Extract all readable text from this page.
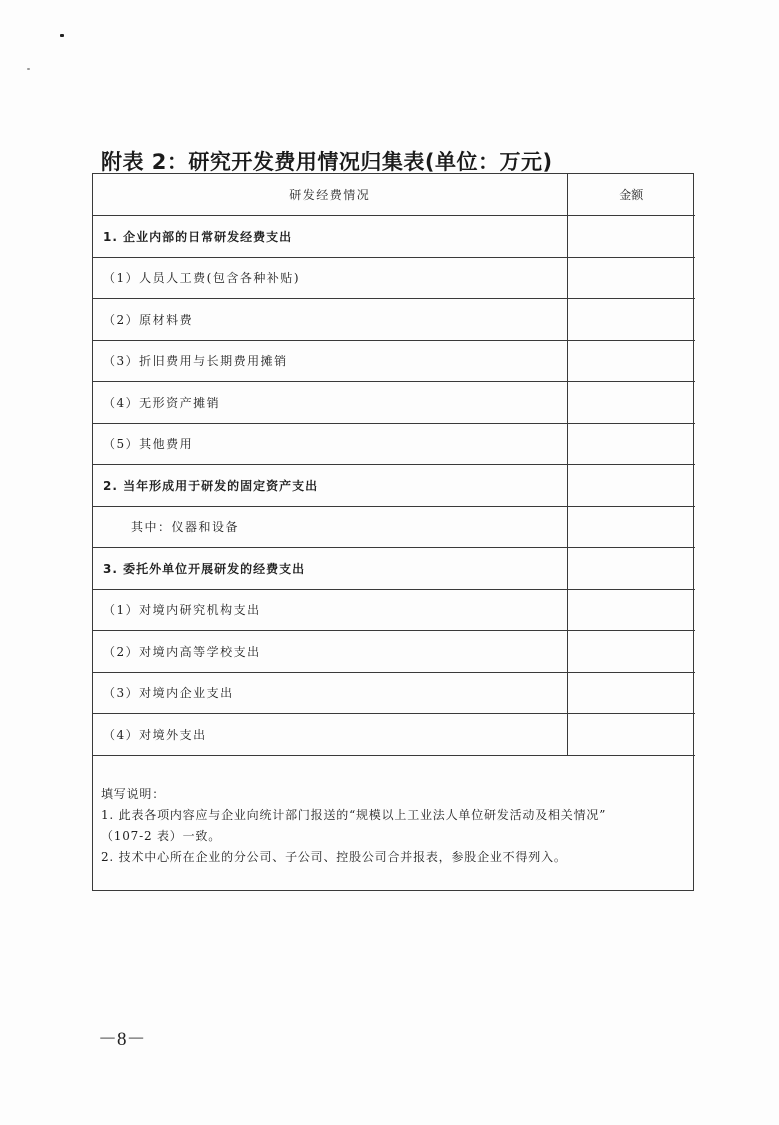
附表 2：研究开发费用情况归集表(单位：万元)
研发经费情况	金额
1. 企业内部的日常研发经费支出	
（1）人员人工费(包含各种补贴)	
（2）原材料费	
（3）折旧费用与长期费用摊销	
（4）无形资产摊销	
（5）其他费用	
2. 当年形成用于研发的固定资产支出	
其中：仪器和设备	
3. 委托外单位开展研发的经费支出	
（1）对境内研究机构支出	
（2）对境内高等学校支出	
（3）对境内企业支出	
（4）对境外支出	
填写说明：
1. 此表各项内容应与企业向统计部门报送的“规模以上工业法人单位研发活动及相关情况”
（107-2 表）一致。
2. 技术中心所在企业的分公司、子公司、控股公司合并报表，参股企业不得列入。
－8－
